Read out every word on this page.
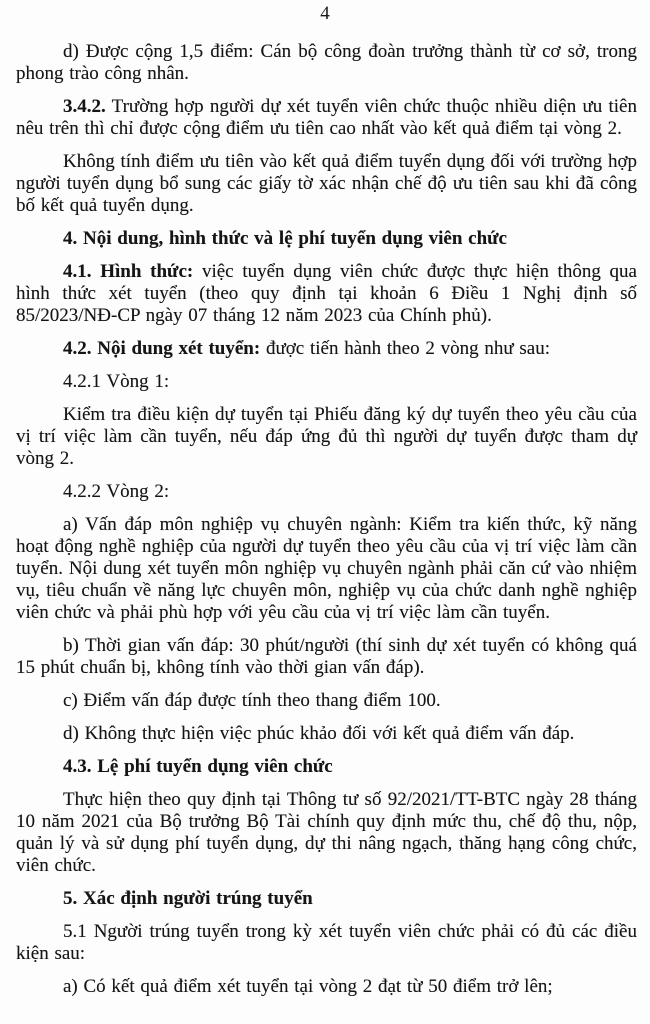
4

d) Được cộng 1,5 điểm: Cán bộ công đoàn trưởng thành từ cơ sở, trong phong trào công nhân.

3.4.2. Trường hợp người dự xét tuyển viên chức thuộc nhiều diện ưu tiên nêu trên thì chỉ được cộng điểm ưu tiên cao nhất vào kết quả điểm tại vòng 2.

Không tính điểm ưu tiên vào kết quả điểm tuyển dụng đối với trường hợp người tuyển dụng bổ sung các giấy tờ xác nhận chế độ ưu tiên sau khi đã công bố kết quả tuyển dụng.

4. Nội dung, hình thức và lệ phí tuyển dụng viên chức

4.1. Hình thức: việc tuyển dụng viên chức được thực hiện thông qua hình thức xét tuyển (theo quy định tại khoản 6 Điều 1 Nghị định số 85/2023/NĐ-CP ngày 07 tháng 12 năm 2023 của Chính phủ).

4.2. Nội dung xét tuyển: được tiến hành theo 2 vòng như sau:

4.2.1 Vòng 1:

Kiểm tra điều kiện dự tuyển tại Phiếu đăng ký dự tuyển theo yêu cầu của vị trí việc làm cần tuyển, nếu đáp ứng đủ thì người dự tuyển được tham dự vòng 2.

4.2.2 Vòng 2:

a) Vấn đáp môn nghiệp vụ chuyên ngành: Kiểm tra kiến thức, kỹ năng hoạt động nghề nghiệp của người dự tuyển theo yêu cầu của vị trí việc làm cần tuyển. Nội dung xét tuyển môn nghiệp vụ chuyên ngành phải căn cứ vào nhiệm vụ, tiêu chuẩn về năng lực chuyên môn, nghiệp vụ của chức danh nghề nghiệp viên chức và phải phù hợp với yêu cầu của vị trí việc làm cần tuyển.

b) Thời gian vấn đáp: 30 phút/người (thí sinh dự xét tuyển có không quá 15 phút chuẩn bị, không tính vào thời gian vấn đáp).

c) Điểm vấn đáp được tính theo thang điểm 100.

d) Không thực hiện việc phúc khảo đối với kết quả điểm vấn đáp.

4.3. Lệ phí tuyển dụng viên chức

Thực hiện theo quy định tại Thông tư số 92/2021/TT-BTC ngày 28 tháng 10 năm 2021 của Bộ trưởng Bộ Tài chính quy định mức thu, chế độ thu, nộp, quản lý và sử dụng phí tuyển dụng, dự thi nâng ngạch, thăng hạng công chức, viên chức.

5. Xác định người trúng tuyển

5.1 Người trúng tuyển trong kỳ xét tuyển viên chức phải có đủ các điều kiện sau:

a) Có kết quả điểm xét tuyển tại vòng 2 đạt từ 50 điểm trở lên;
